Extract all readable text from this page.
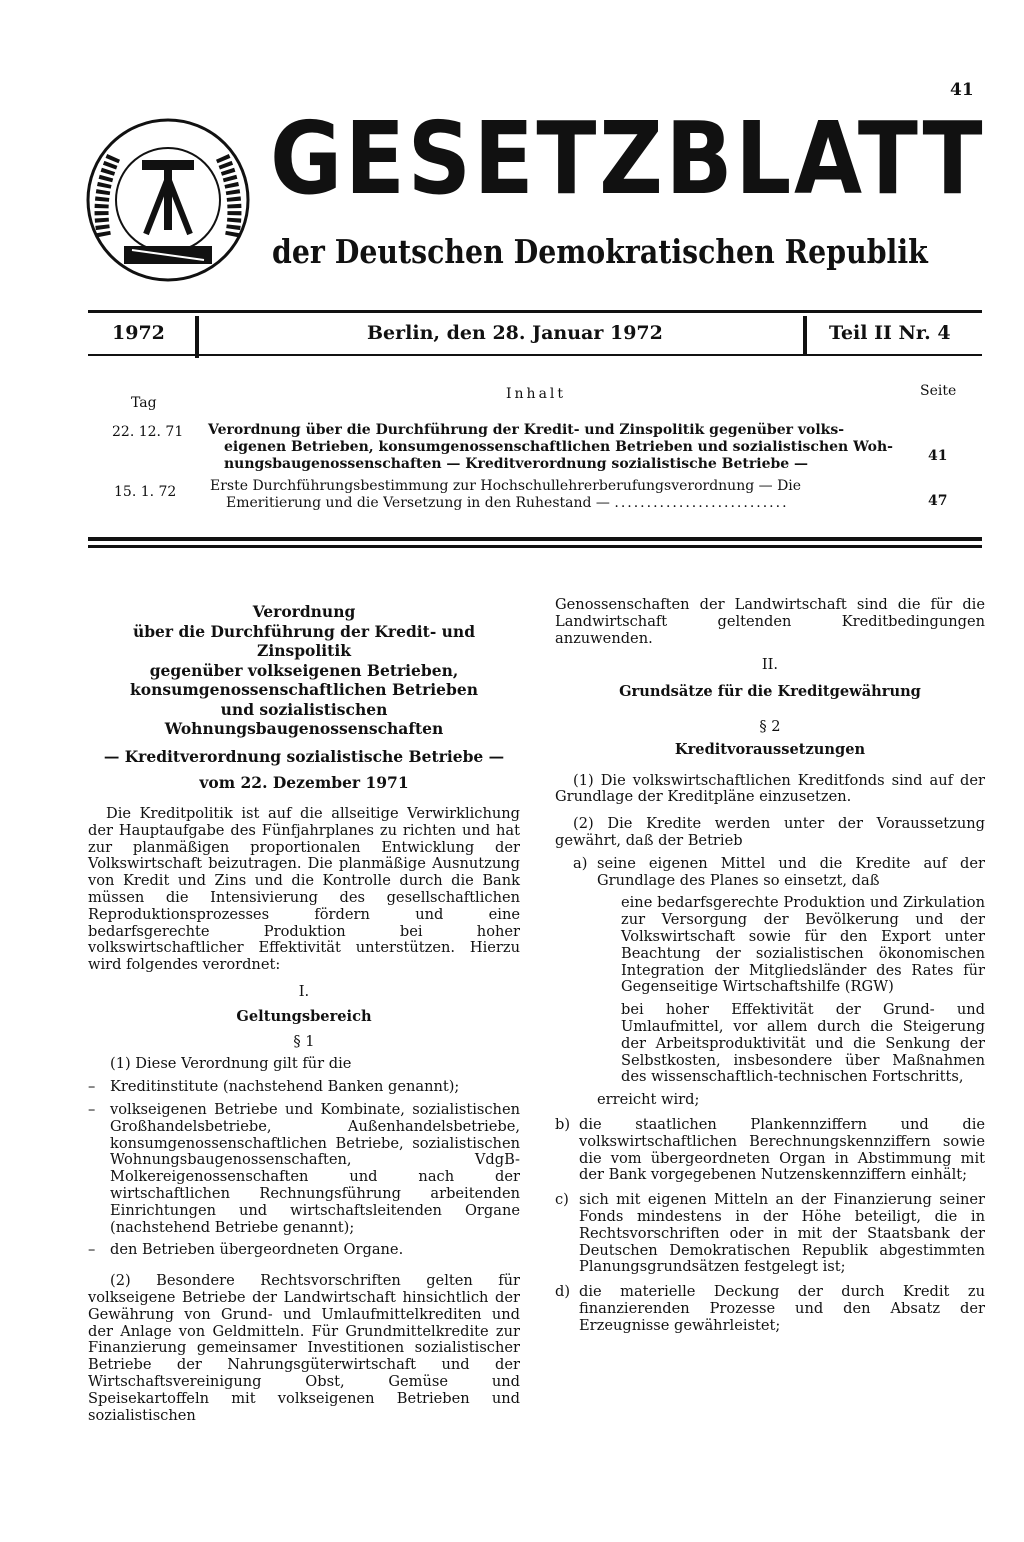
41
GESETZBLATT
der Deutschen Demokratischen Republik
1972	Berlin, den 28. Januar 1972	Teil II Nr. 4
Tag
Inhalt	Seite
22. 12. 71 Verordnung über die Durchführung der Kredit- und Zinspolitik gegenüber volks-
eigenen Betrieben, konsumgenossenschaftlichen Betrieben und sozialistischen Woh-
nungsbaugenossenschaften — Kreditverordnung sozialistische Betriebe —	41
15. 1. 72 Erste Durchführungsbestimmung zur Hochschullehrerberufungsverordnung — Die
Emeritierung und die Versetzung in den Ruhestand — ...........................	47
Verordnung
über die Durchführung der Kredit- und Zinspolitik
gegenüber volkseigenen Betrieben,
konsumgenossenschaftlichen Betrieben
und sozialistischen Wohnungsbaugenossenschaften
— Kreditverordnung sozialistische Betriebe —
vom 22. Dezember 1971

Die Kreditpolitik ist auf die allseitige Verwirklichung der Hauptaufgabe des Fünfjahrplanes zu richten und hat zur planmäßigen proportionalen Entwicklung der Volkswirtschaft beizutragen. Die planmäßige Ausnutzung von Kredit und Zins und die Kontrolle durch die Bank müssen die Intensivierung des gesellschaftlichen Reproduktionsprozesses fördern und eine bedarfsgerechte Produktion bei hoher volkswirtschaftlicher Effektivität unterstützen. Hierzu wird folgendes verordnet:

I.
Geltungsbereich
§ 1

(1) Diese Verordnung gilt für die

–	Kreditinstitute (nachstehend Banken genannt);
–	volkseigenen Betriebe und Kombinate, sozialistischen Großhandelsbetriebe, Außenhandelsbetriebe, konsumgenossenschaftlichen Betriebe, sozialistischen Wohnungsbaugenossenschaften, VdgB-Molkereigenossenschaften und nach der wirtschaftlichen Rechnungsführung arbeitenden Einrichtungen und wirtschaftsleitenden Organe (nachstehend Betriebe genannt);
–	den Betrieben übergeordneten Organe.

(2) Besondere Rechtsvorschriften gelten für volkseigene Betriebe der Landwirtschaft hinsichtlich der Gewährung von Grund- und Umlaufmittelkrediten und der Anlage von Geldmitteln. Für Grundmittelkredite zur Finanzierung gemeinsamer Investitionen sozialistischer Betriebe der Nahrungsgüterwirtschaft und der Wirtschaftsvereinigung Obst, Gemüse und Speisekartoffeln mit volkseigenen Betrieben und sozialistischen

Genossenschaften der Landwirtschaft sind die für die Landwirtschaft geltenden Kreditbedingungen anzuwenden.

II.
Grundsätze für die Kreditgewährung
§ 2
Kreditvoraussetzungen

(1) Die volkswirtschaftlichen Kreditfonds sind auf der Grundlage der Kreditpläne einzusetzen.

(2) Die Kredite werden unter der Voraussetzung gewährt, daß der Betrieb

a) seine eigenen Mittel und die Kredite auf der Grundlage des Planes so einsetzt, daß
eine bedarfsgerechte Produktion und Zirkulation zur Versorgung der Bevölkerung und der Volkswirtschaft sowie für den Export unter Beachtung der sozialistischen ökonomischen Integration der Mitgliedsländer des Rates für Gegenseitige Wirtschaftshilfe (RGW)
bei hoher Effektivität der Grund- und Umlaufmittel, vor allem durch die Steigerung der Arbeitsproduktivität und die Senkung der Selbstkosten, insbesondere über Maßnahmen des wissenschaftlich-technischen Fortschritts,
erreicht wird;
b) die staatlichen Plankennziffern und die volkswirtschaftlichen Berechnungskennziffern sowie die vom übergeordneten Organ in Abstimmung mit der Bank vorgegebenen Nutzenskennziffern einhält;
c) sich mit eigenen Mitteln an der Finanzierung seiner Fonds mindestens in der Höhe beteiligt, die in Rechtsvorschriften oder in mit der Staatsbank der Deutschen Demokratischen Republik abgestimmten Planungsgrundsätzen festgelegt ist;
d) die materielle Deckung der durch Kredit zu finanzierenden Prozesse und den Absatz der Erzeugnisse gewährleistet;
